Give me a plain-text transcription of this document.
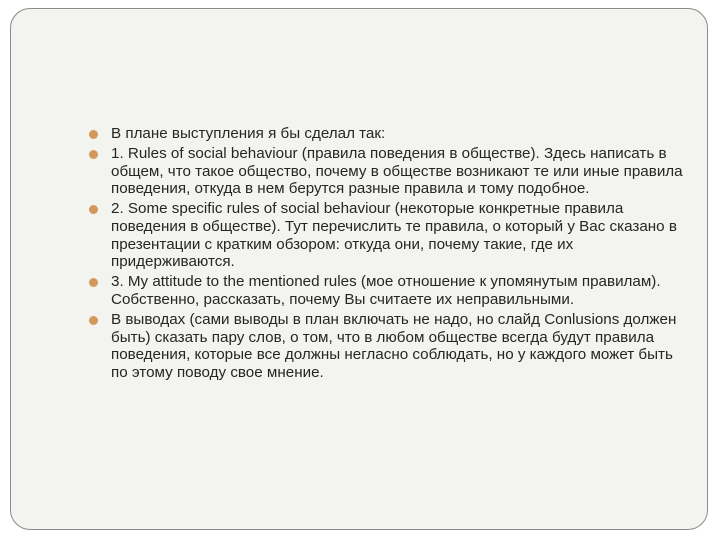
В плане выступления я бы сделал так:
1. Rules of social behaviour (правила поведения в обществе). Здесь написать в общем, что такое общество, почему в обществе возникают те или иные правила поведения, откуда в нем берутся разные правила и тому подобное.
2. Some specific rules of social behaviour (некоторые конкретные правила поведения в обществе). Тут перечислить те правила, о который у Вас сказано в презентации с кратким обзором: откуда они, почему такие, где их придерживаются.
3. My attitude to the mentioned rules (мое отношение к упомянутым правилам). Собственно, рассказать, почему Вы считаете их неправильными.
В выводах (сами выводы в план включать не надо, но слайд Conlusions должен быть) сказать пару слов, о том, что в любом обществе всегда будут правила поведения, которые все должны негласно соблюдать, но у каждого может быть по этому поводу свое мнение.
